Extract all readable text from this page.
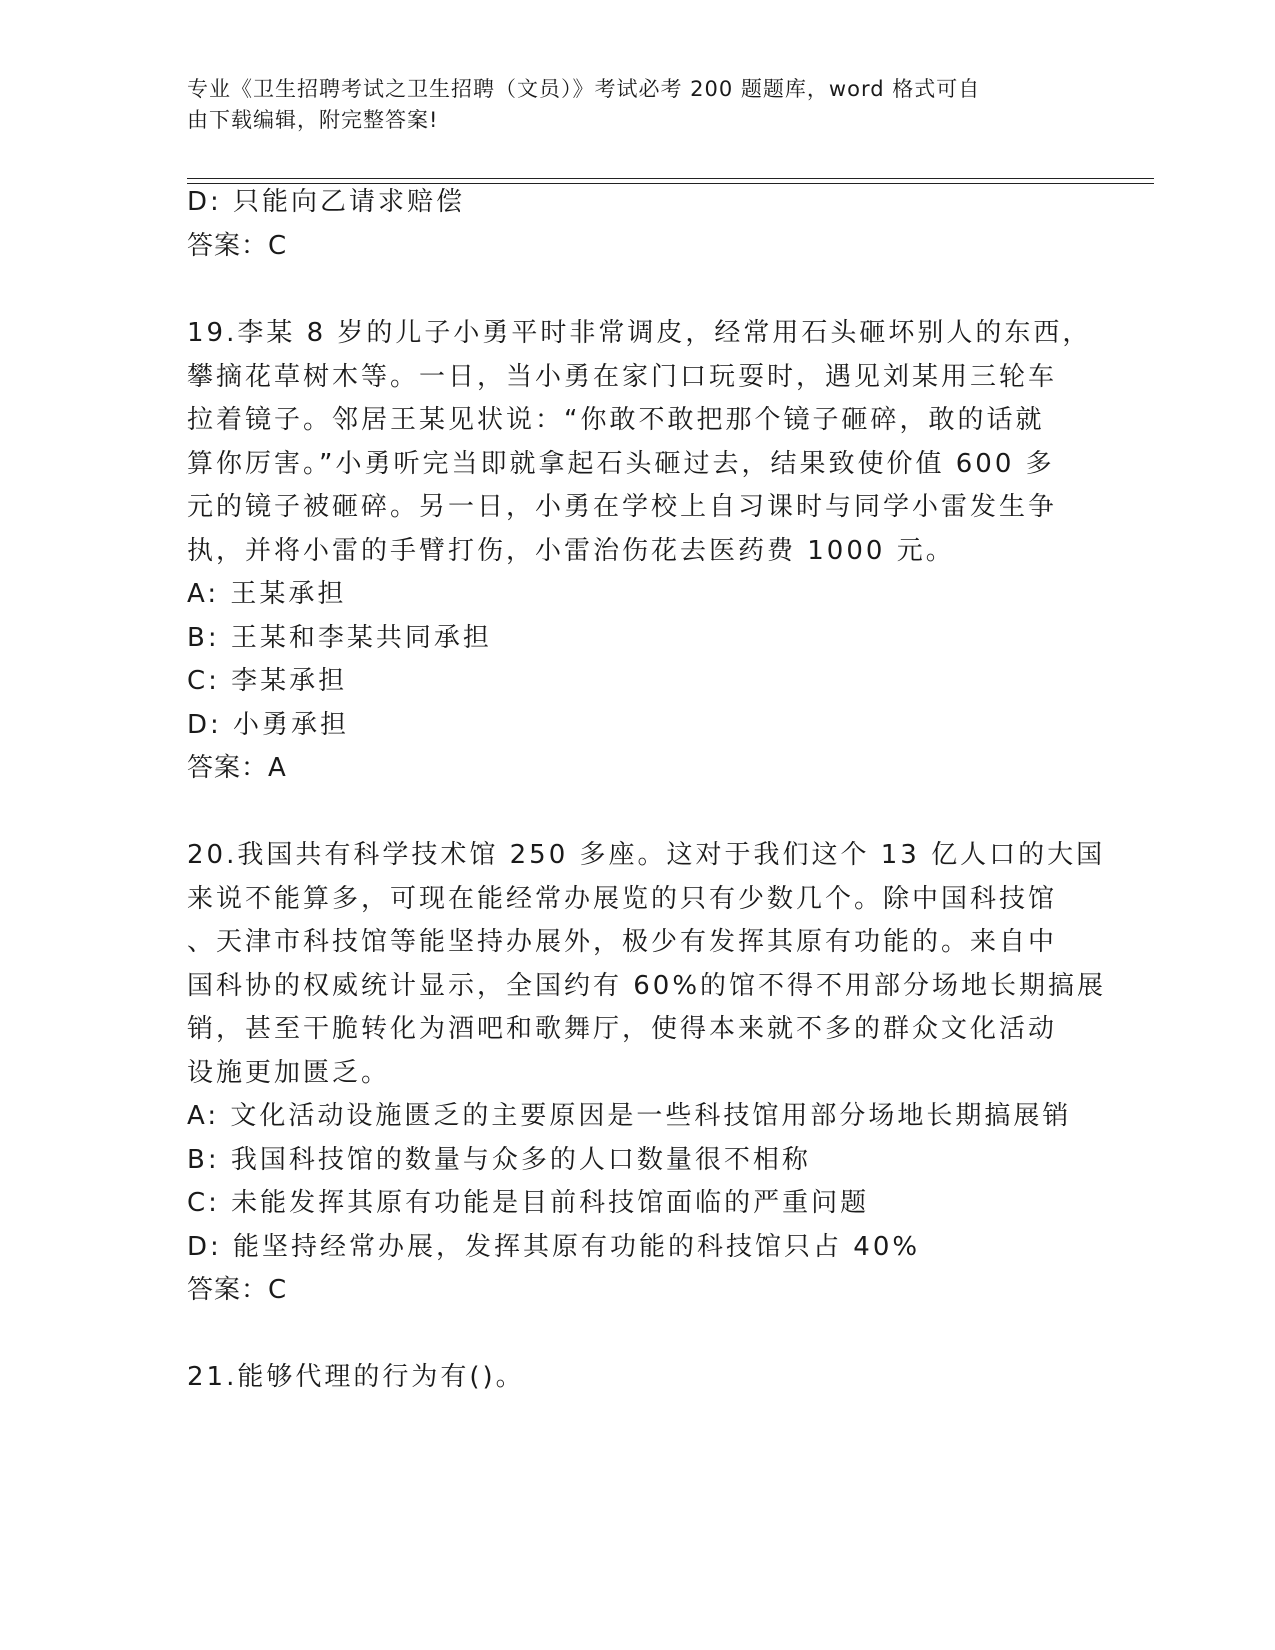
专业《卫生招聘考试之卫生招聘（文员）》考试必考 200 题题库，word 格式可自
由下载编辑，附完整答案!
D: 只能向乙请求赔偿
答案：C
19.李某 8 岁的儿子小勇平时非常调皮，经常用石头砸坏别人的东西，
攀摘花草树木等。一日，当小勇在家门口玩耍时，遇见刘某用三轮车
拉着镜子。邻居王某见状说：“你敢不敢把那个镜子砸碎，敢的话就
算你厉害。”小勇听完当即就拿起石头砸过去，结果致使价值 600 多
元的镜子被砸碎。另一日，小勇在学校上自习课时与同学小雷发生争
执，并将小雷的手臂打伤，小雷治伤花去医药费 1000 元。
A: 王某承担
B: 王某和李某共同承担
C: 李某承担
D: 小勇承担
答案：A
20.我国共有科学技术馆 250 多座。这对于我们这个 13 亿人口的大国
来说不能算多，可现在能经常办展览的只有少数几个。除中国科技馆
、天津市科技馆等能坚持办展外，极少有发挥其原有功能的。来自中
国科协的权威统计显示，全国约有 60%的馆不得不用部分场地长期搞展
销，甚至干脆转化为酒吧和歌舞厅，使得本来就不多的群众文化活动
设施更加匮乏。
A: 文化活动设施匮乏的主要原因是一些科技馆用部分场地长期搞展销
B: 我国科技馆的数量与众多的人口数量很不相称
C: 未能发挥其原有功能是目前科技馆面临的严重问题
D: 能坚持经常办展，发挥其原有功能的科技馆只占 40%
答案：C
21.能够代理的行为有()。
